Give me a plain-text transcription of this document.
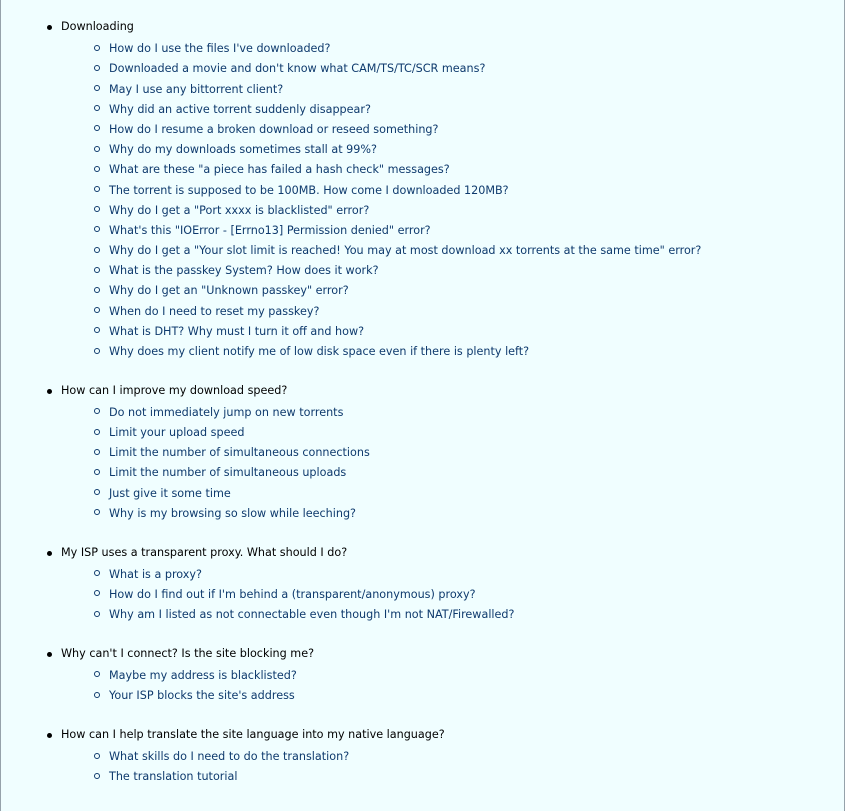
Downloading
How do I use the files I've downloaded?
Downloaded a movie and don't know what CAM/TS/TC/SCR means?
May I use any bittorrent client?
Why did an active torrent suddenly disappear?
How do I resume a broken download or reseed something?
Why do my downloads sometimes stall at 99%?
What are these "a piece has failed a hash check" messages?
The torrent is supposed to be 100MB. How come I downloaded 120MB?
Why do I get a "Port xxxx is blacklisted" error?
What's this "IOError - [Errno13] Permission denied" error?
Why do I get a "Your slot limit is reached! You may at most download xx torrents at the same time" error?
What is the passkey System? How does it work?
Why do I get an "Unknown passkey" error?
When do I need to reset my passkey?
What is DHT? Why must I turn it off and how?
Why does my client notify me of low disk space even if there is plenty left?
How can I improve my download speed?
Do not immediately jump on new torrents
Limit your upload speed
Limit the number of simultaneous connections
Limit the number of simultaneous uploads
Just give it some time
Why is my browsing so slow while leeching?
My ISP uses a transparent proxy. What should I do?
What is a proxy?
How do I find out if I'm behind a (transparent/anonymous) proxy?
Why am I listed as not connectable even though I'm not NAT/Firewalled?
Why can't I connect? Is the site blocking me?
Maybe my address is blacklisted?
Your ISP blocks the site's address
How can I help translate the site language into my native language?
What skills do I need to do the translation?
The translation tutorial
